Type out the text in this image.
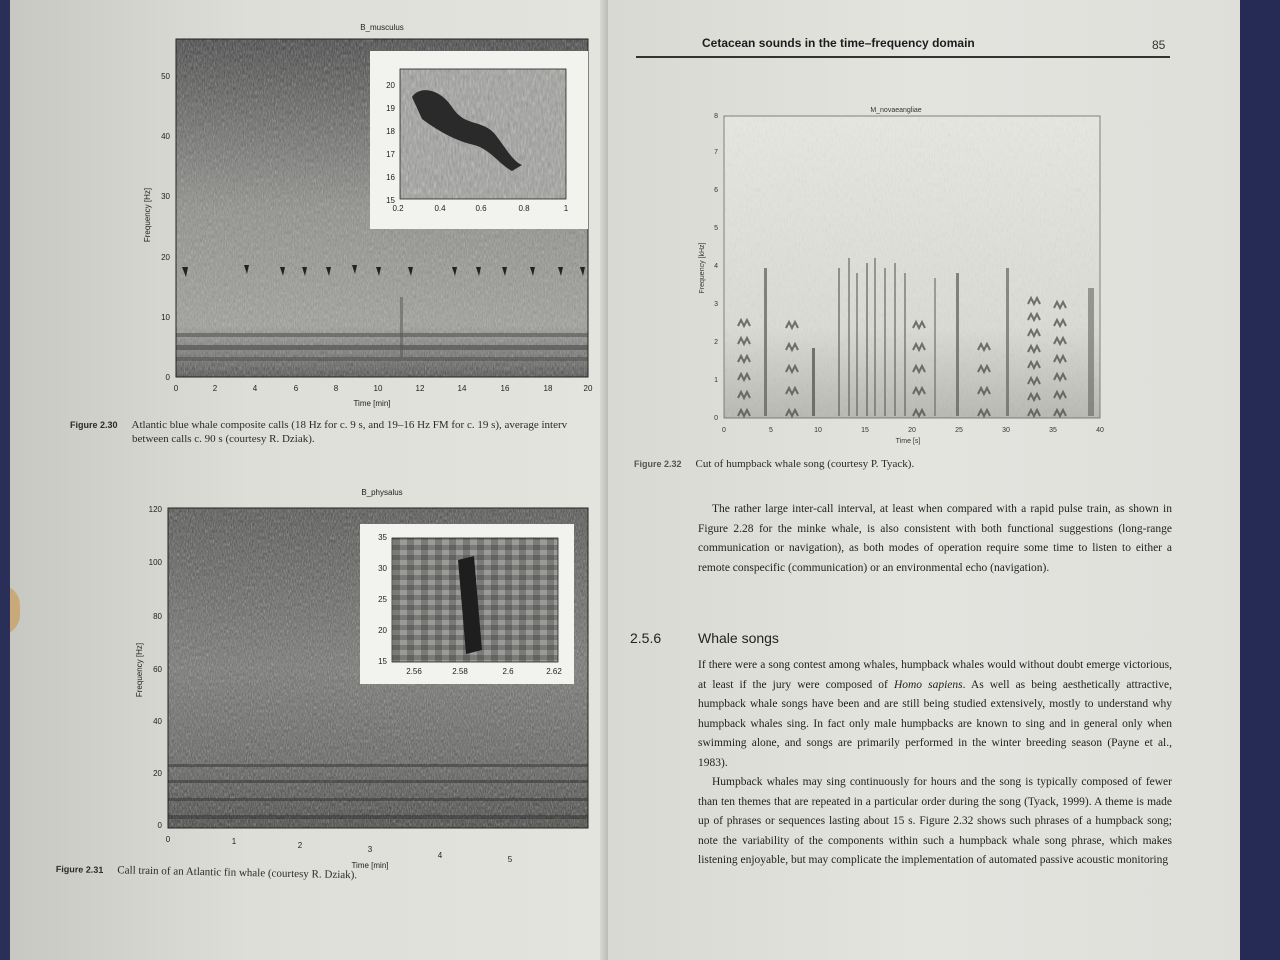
B_musculus
15
16
17
18
19
20
0.2	0.4	0.6	0.8	1
0
10
20
30
40
50
Frequency [Hz]
0	2	4	6	8	10	12	14	16	18	20
Time [min]
Figure 2.30 Atlantic blue whale composite calls (18 Hz for c. 9 s, and 19–16 Hz FM for c. 19 s), average interv
between calls c. 90 s (courtesy R. Dziak).
B_physalus
15
20
25
30
35
2.56	2.58	2.6	2.62
0
20
40
60
80
100
120
Frequency [Hz]
0	1	2	3
4	5
Time [min]
Figure 2.31 Call train of an Atlantic fin whale (courtesy R. Dziak).
Cetacean sounds in the time–frequency domain	85
M_novaeangliae
0
1
2
3
4
5
6
7
8
Frequency [kHz]
0	5	10	15	20	25	30	35	40
Time [s]
Figure 2.32 Cut of humpback whale song (courtesy P. Tyack).

The rather large inter-call interval, at least when compared with a rapid pulse train, as shown in Figure 2.28 for the minke whale, is also consistent with both functional suggestions (long-range communication or navigation), as both modes of operation require some time to listen to either a remote conspecific (communication) or an environmental echo (navigation).

2.5.6	Whale songs

If there were a song contest among whales, humpback whales would without doubt emerge victorious, at least if the jury were composed of Homo sapiens. As well as being aesthetically attractive, humpback whale songs have been and are still being studied extensively, mostly to understand why humpback whales sing. In fact only male humpbacks are known to sing and in general only when swimming alone, and songs are primarily performed in the winter breeding season (Payne et al., 1983).

Humpback whales may sing continuously for hours and the song is typically composed of fewer than ten themes that are repeated in a particular order during the song (Tyack, 1999). A theme is made up of phrases or sequences lasting about 15 s. Figure 2.32 shows such phrases of a humpback song; note the variability of the components within such a humpback whale song phrase, which makes listening enjoyable, but may complicate the implementation of automated passive acoustic monitoring
